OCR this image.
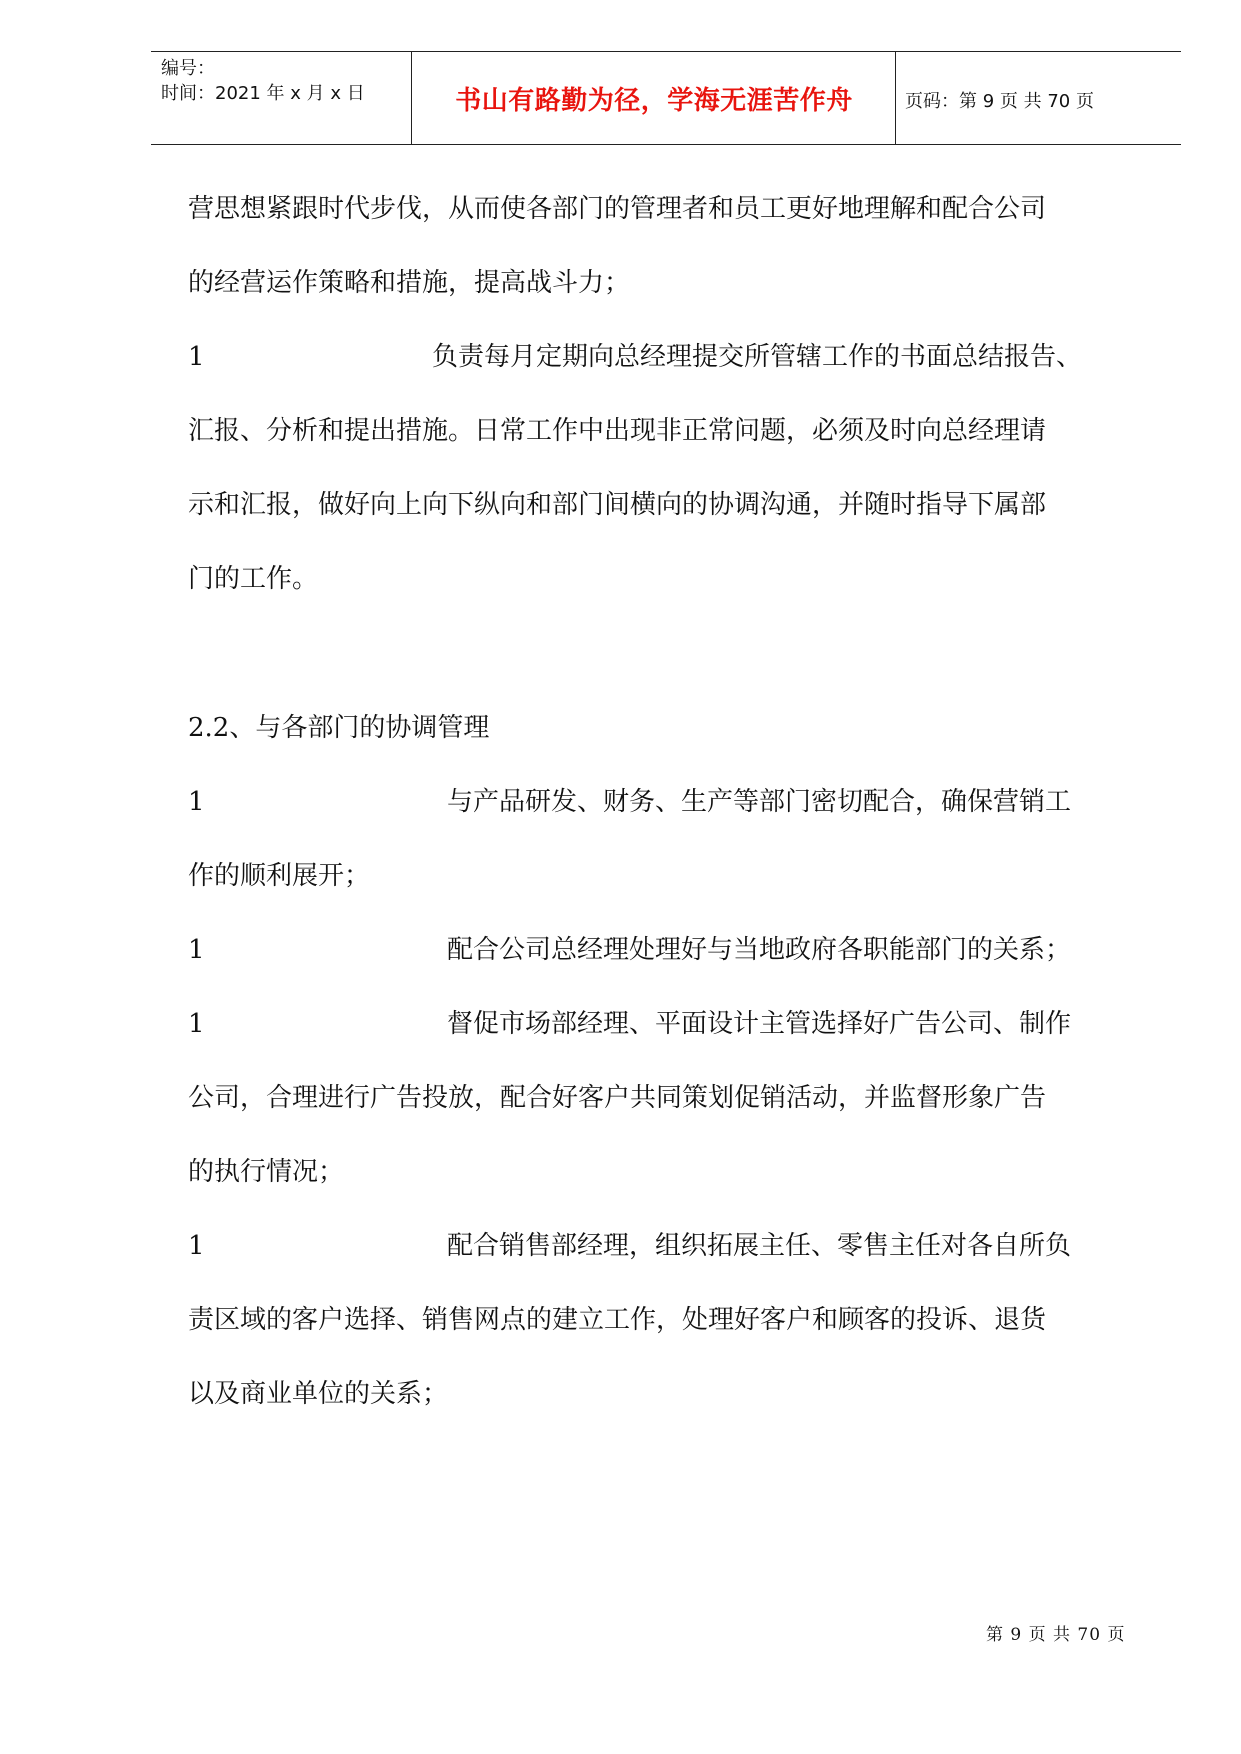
编号：
时间：2021 年 x 月 x 日	书山有路勤为径，学海无涯苦作舟	页码：第 9 页 共 70 页
营思想紧跟时代步伐，从而使各部门的管理者和员工更好地理解和配合公司
的经营运作策略和措施，提高战斗力；
1	负责每月定期向总经理提交所管辖工作的书面总结报告、
汇报、分析和提出措施。日常工作中出现非正常问题，必须及时向总经理请
示和汇报，做好向上向下纵向和部门间横向的协调沟通，并随时指导下属部
门的工作。
2.2、与各部门的协调管理
1	与产品研发、财务、生产等部门密切配合，确保营销工
作的顺利展开；
1	配合公司总经理处理好与当地政府各职能部门的关系；
1	督促市场部经理、平面设计主管选择好广告公司、制作
公司，合理进行广告投放，配合好客户共同策划促销活动，并监督形象广告
的执行情况；
1	配合销售部经理，组织拓展主任、零售主任对各自所负
责区域的客户选择、销售网点的建立工作，处理好客户和顾客的投诉、退货
以及商业单位的关系；
第 9 页 共 70 页
